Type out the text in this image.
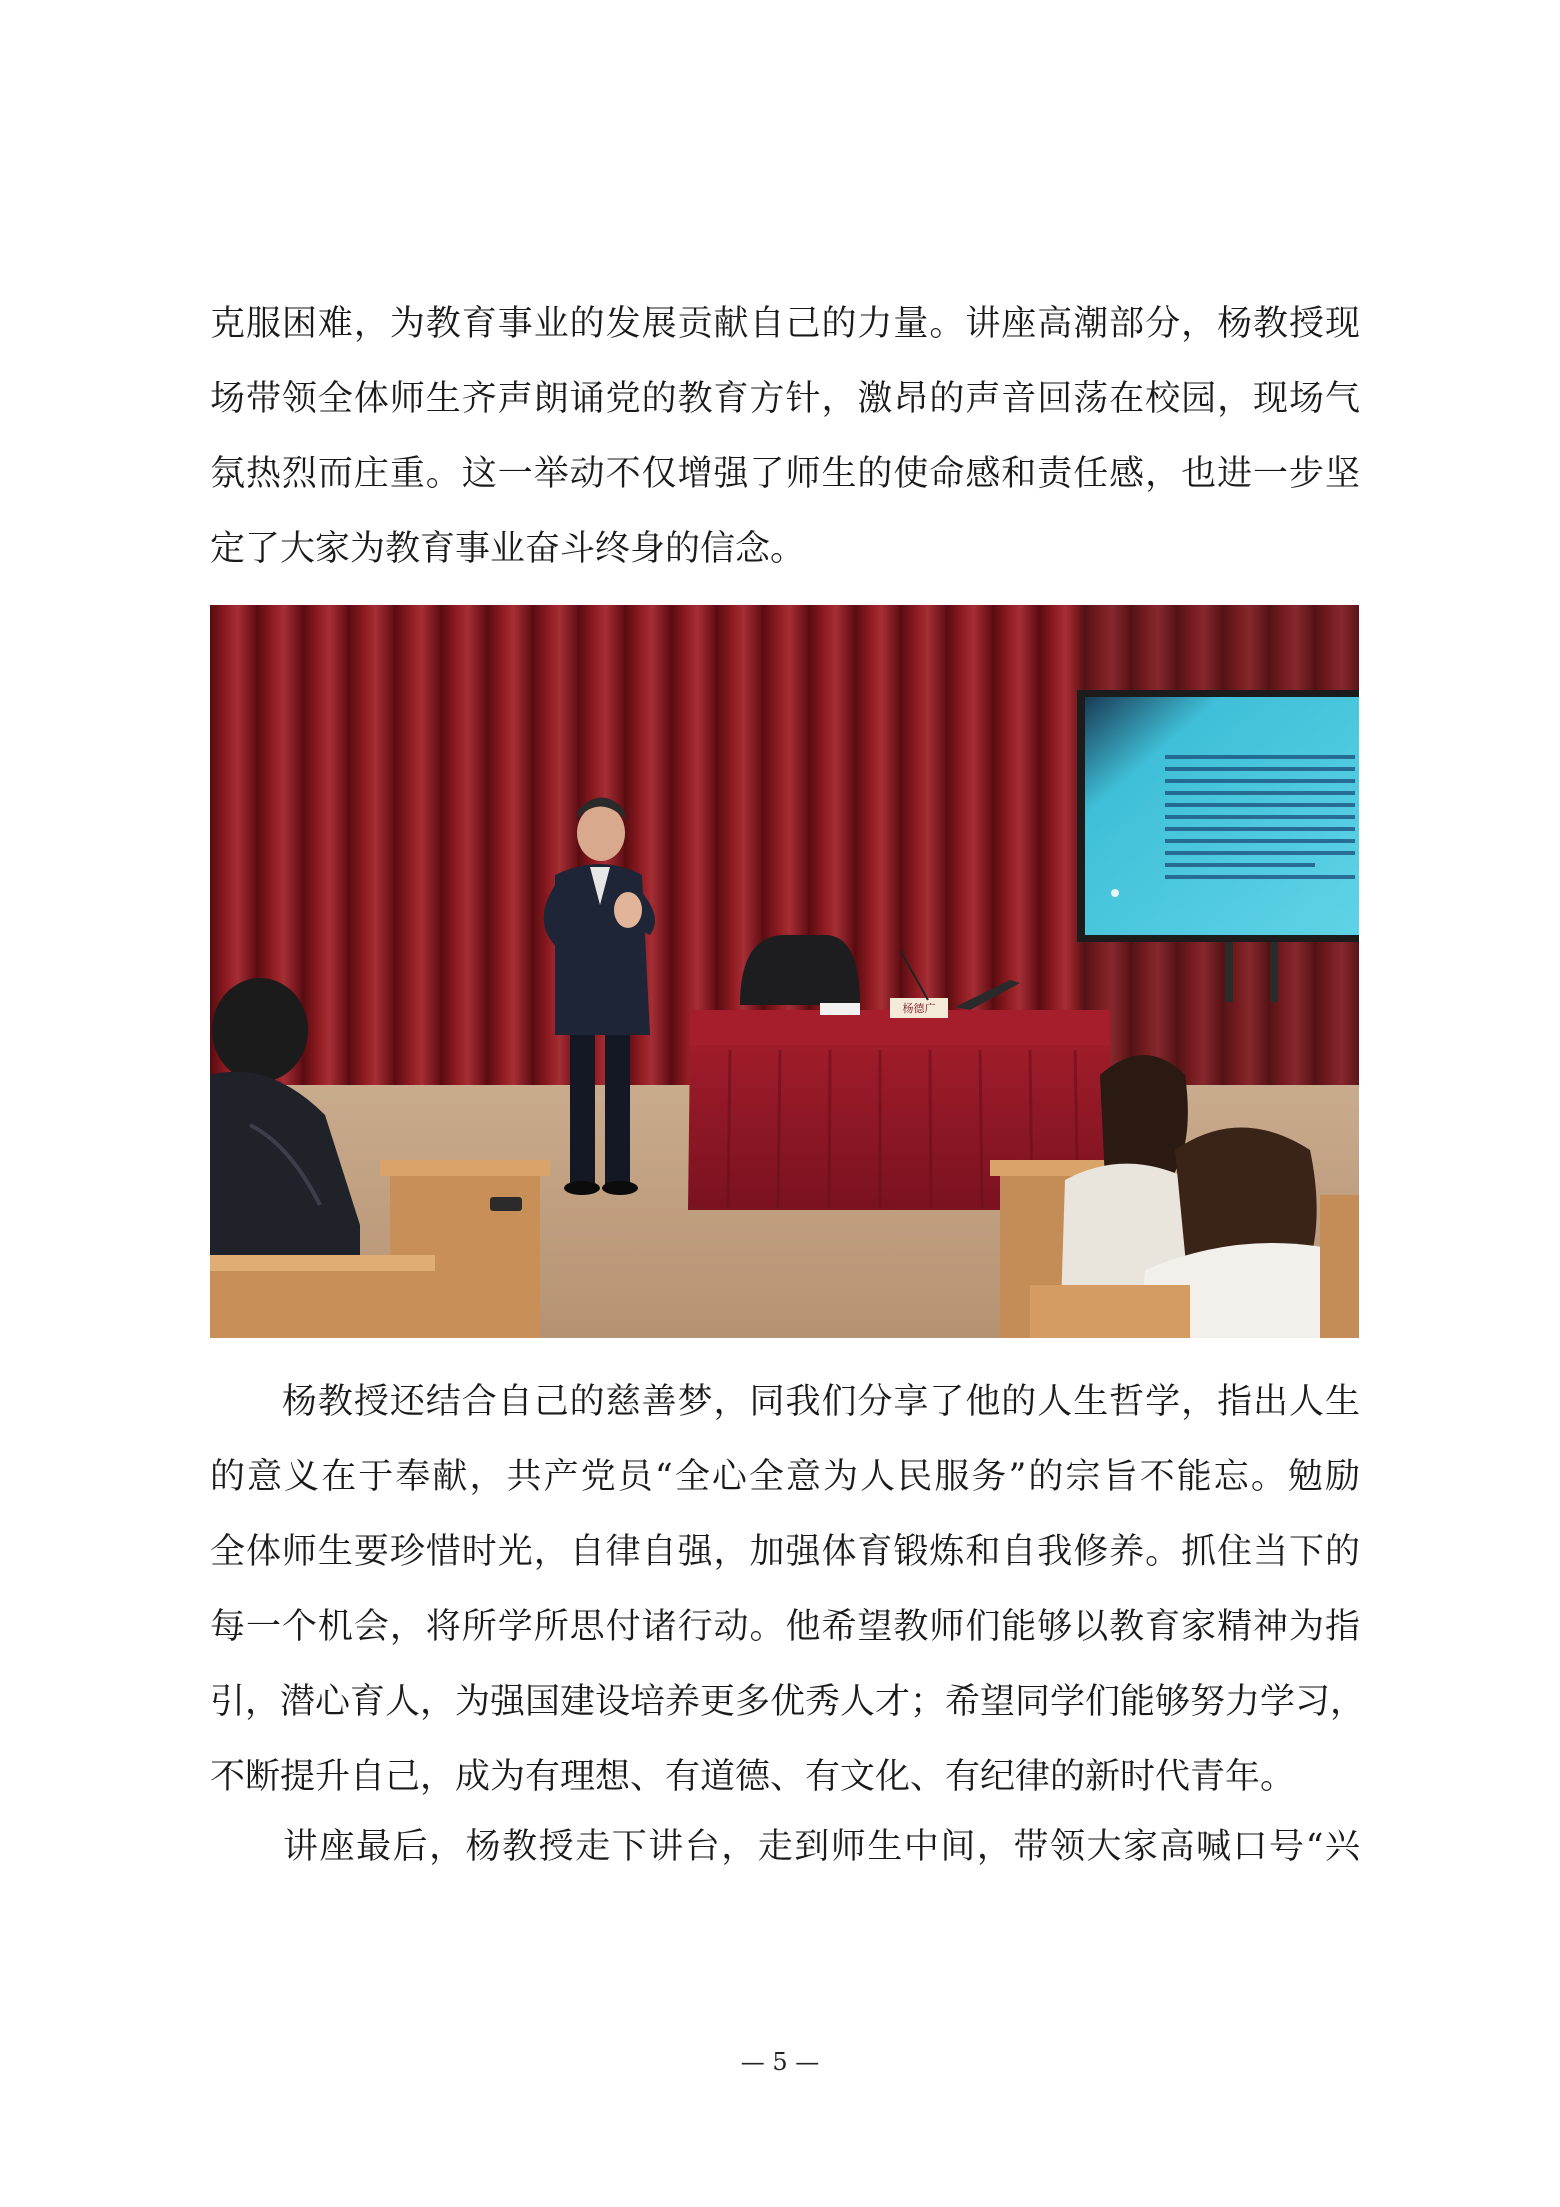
克服困难，为教育事业的发展贡献自己的力量。讲座高潮部分，杨教授现
场带领全体师生齐声朗诵党的教育方针，激昂的声音回荡在校园，现场气
氛热烈而庄重。这一举动不仅增强了师生的使命感和责任感，也进一步坚
定了大家为教育事业奋斗终身的信念。
杨德广
　　杨教授还结合自己的慈善梦，同我们分享了他的人生哲学，指出人生
的意义在于奉献，共产党员“全心全意为人民服务”的宗旨不能忘。勉励
全体师生要珍惜时光，自律自强，加强体育锻炼和自我修养。抓住当下的
每一个机会，将所学所思付诸行动。他希望教师们能够以教育家精神为指
引，潜心育人，为强国建设培养更多优秀人才；希望同学们能够努力学习，
不断提升自己，成为有理想、有道德、有文化、有纪律的新时代青年。
　　讲座最后，杨教授走下讲台，走到师生中间，带领大家高喊口号“兴
— 5 —
